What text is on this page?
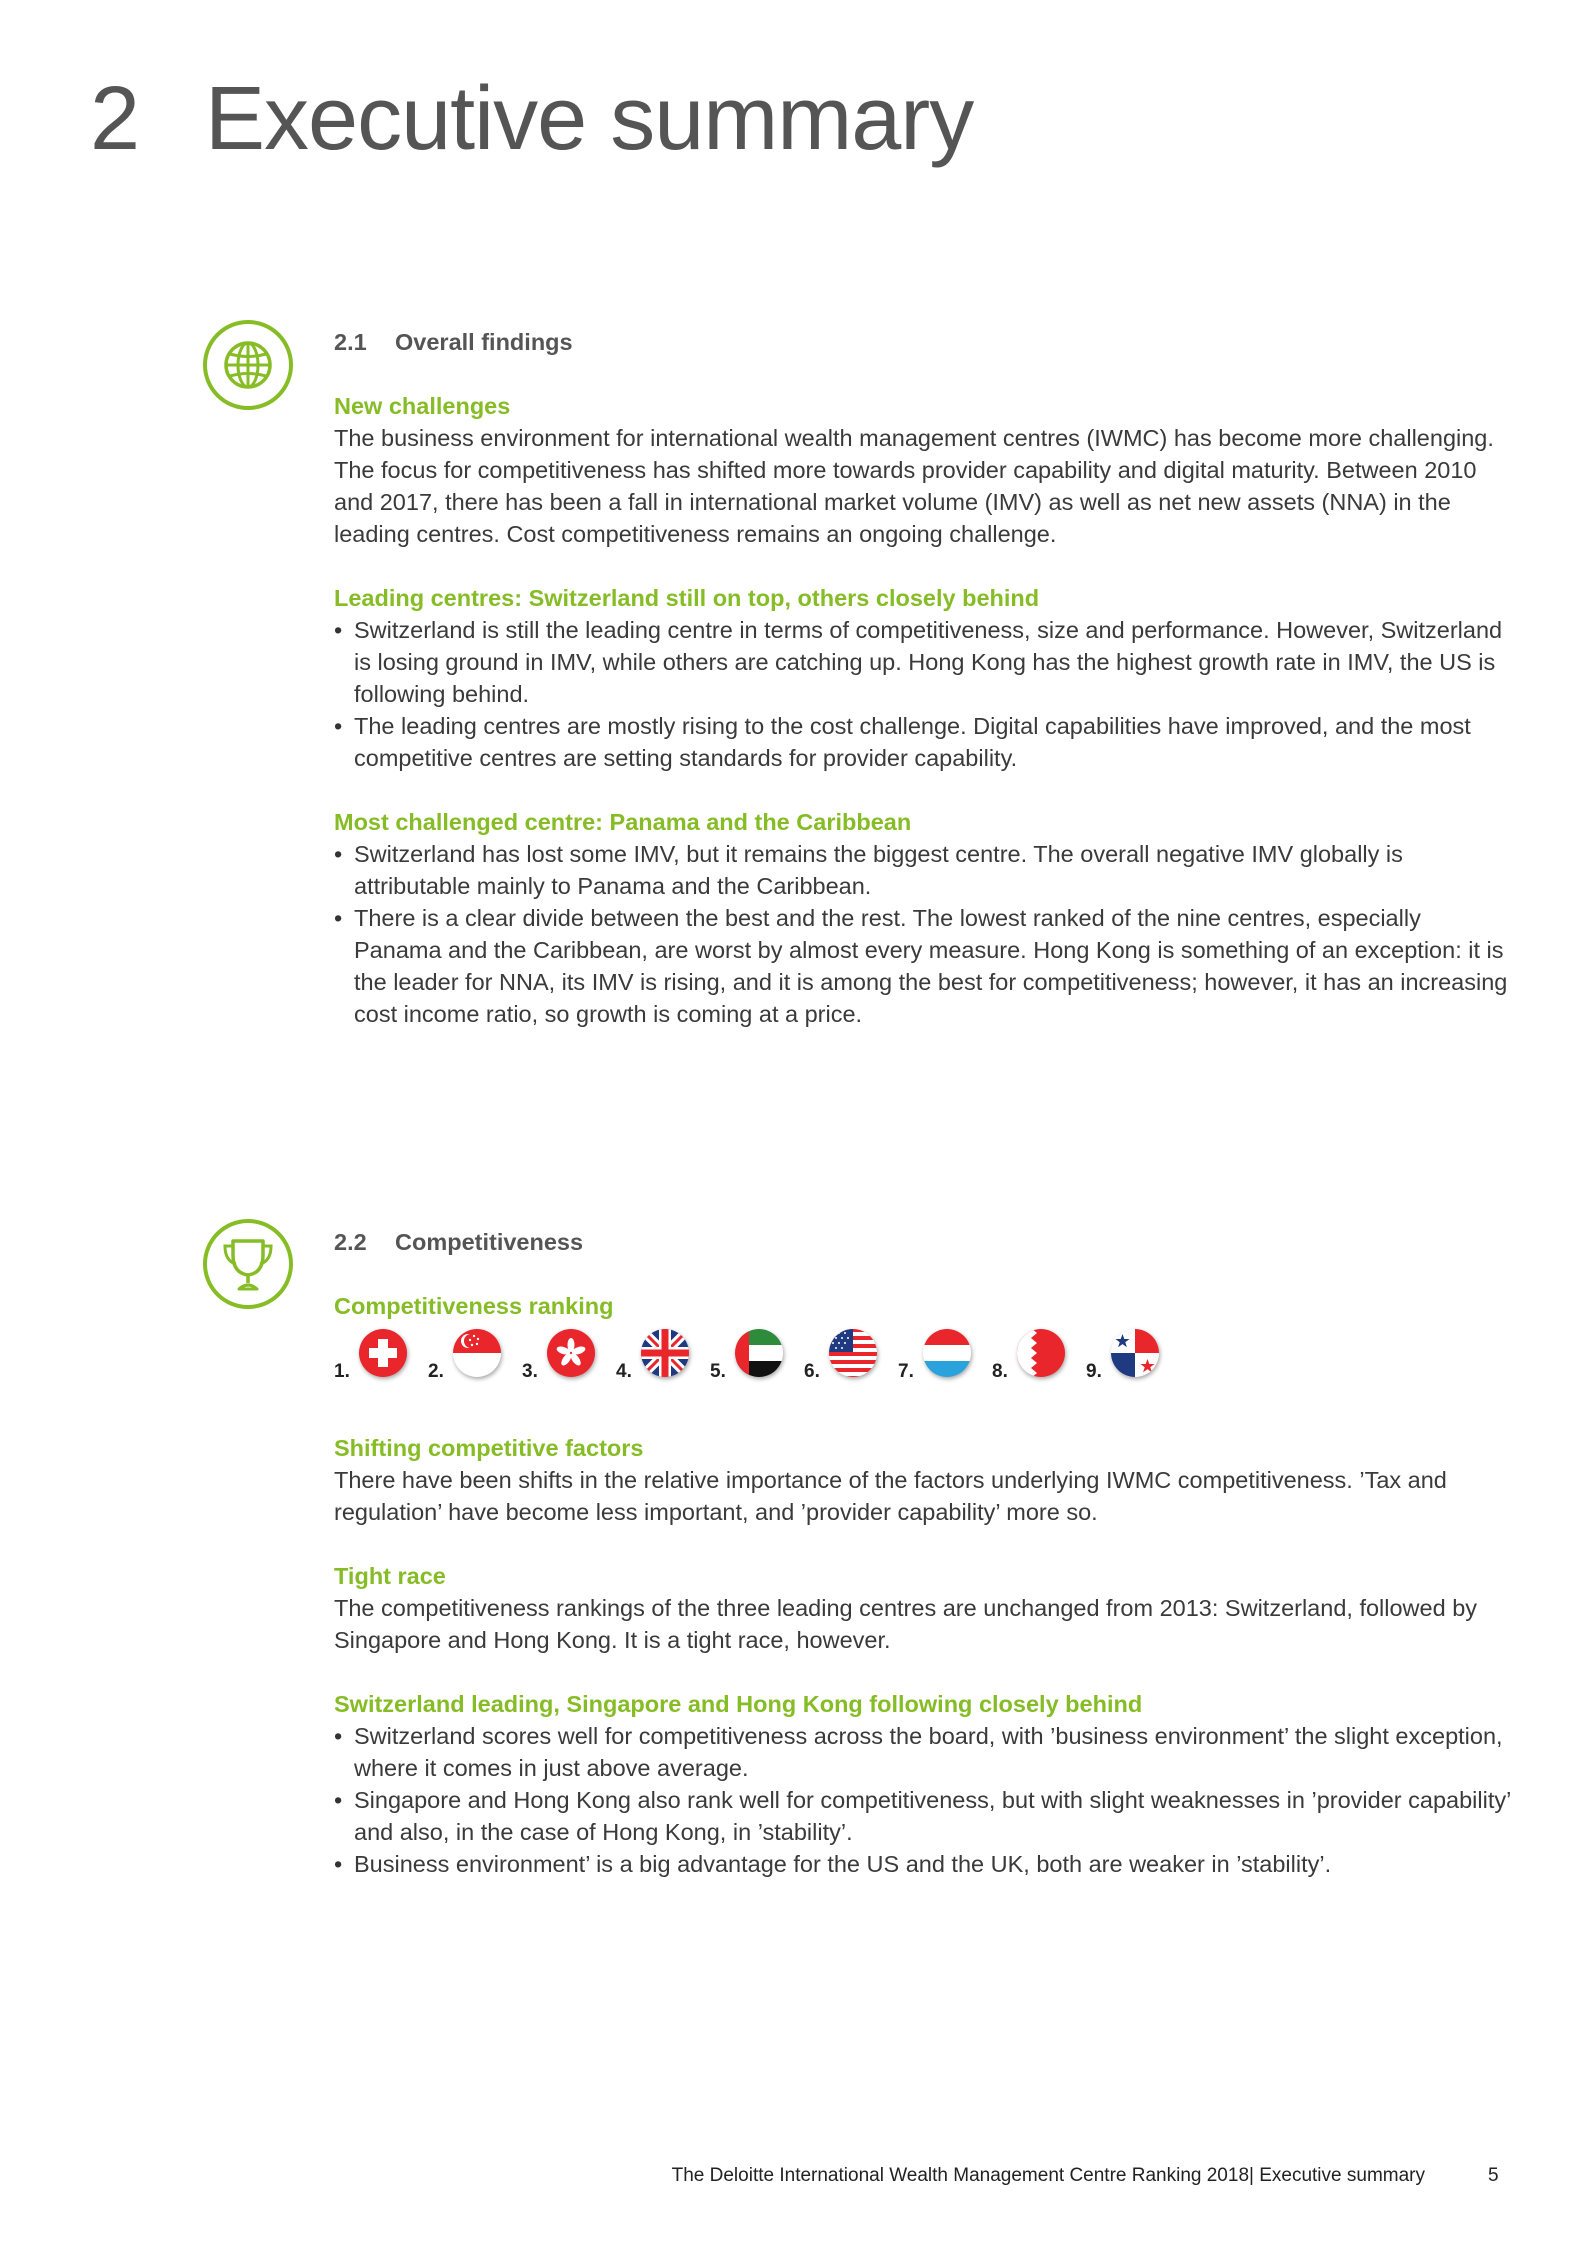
2 Executive summary
2.1 Overall findings
New challenges

The business environment for international wealth management centres (IWMC) has become more challenging. The focus for competitiveness has shifted more towards provider capability and digital maturity. Between 2010 and 2017, there has been a fall in international market volume (IMV) as well as net new assets (NNA) in the leading centres. Cost competitiveness remains an ongoing challenge.

Leading centres: Switzerland still on top, others closely behind
• Switzerland is still the leading centre in terms of competitiveness, size and performance. However, Switzerland is losing ground in IMV, while others are catching up. Hong Kong has the highest growth rate in IMV, the US is following behind.
• The leading centres are mostly rising to the cost challenge. Digital capabilities have improved, and the most competitive centres are setting standards for provider capability.
Most challenged centre: Panama and the Caribbean
• Switzerland has lost some IMV, but it remains the biggest centre. The overall negative IMV globally is attributable mainly to Panama and the Caribbean.
• There is a clear divide between the best and the rest. The lowest ranked of the nine centres, especially Panama and the Caribbean, are worst by almost every measure. Hong Kong is something of an exception: it is the leader for NNA, its IMV is rising, and it is among the best for competitiveness; however, it has an increasing cost income ratio, so growth is coming at a price.
2.2 Competitiveness
Competitiveness ranking
1.	2.	3.	4.	5.	6.	7.	8.	9.
Shifting competitive factors

There have been shifts in the relative importance of the factors underlying IWMC competitiveness. ’Tax and regulation’ have become less important, and ’provider capability’ more so.

Tight race

The competitiveness rankings of the three leading centres are unchanged from 2013: Switzerland, followed by Singapore and Hong Kong. It is a tight race, however.

Switzerland leading, Singapore and Hong Kong following closely behind
• Switzerland scores well for competitiveness across the board, with ’business environment’ the slight exception, where it comes in just above average.
• Singapore and Hong Kong also rank well for competitiveness, but with slight weaknesses in ’provider capability’ and also, in the case of Hong Kong, in ’stability’.
• Business environment’ is a big advantage for the US and the UK, both are weaker in ’stability’.
The Deloitte International Wealth Management Centre Ranking 2018| Executive summary	5
